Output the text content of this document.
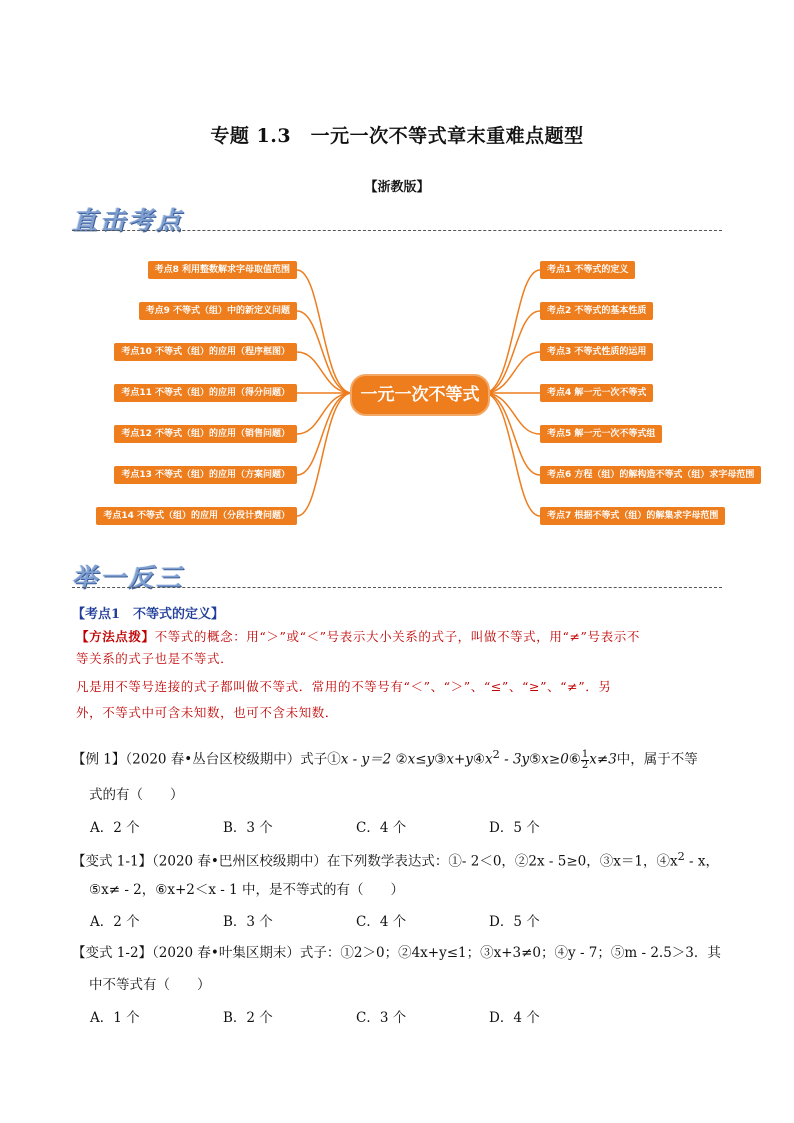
专题 1.3　一元一次不等式章末重难点题型
【浙教版】
直击考点
一元一次不等式
考点8 利用整数解求字母取值范围
考点9 不等式（组）中的新定义问题
考点10 不等式（组）的应用（程序框图）
考点11 不等式（组）的应用（得分问题）
考点12 不等式（组）的应用（销售问题）
考点13 不等式（组）的应用（方案问题）
考点14 不等式（组）的应用（分段计费问题）
考点1 不等式的定义
考点2 不等式的基本性质
考点3 不等式性质的运用
考点4 解一元一次不等式
考点5 解一元一次不等式组
考点6 方程（组）的解构造不等式（组）求字母范围
考点7 根据不等式（组）的解集求字母范围
举一反三
【考点1　不等式的定义】
【方法点拨】不等式的概念：用“＞”或“＜”号表示大小关系的式子，叫做不等式，用“≠”号表示不
等关系的式子也是不等式．
凡是用不等号连接的式子都叫做不等式．常用的不等号有“＜”、“＞”、“≤”、“≥”、“≠”．另
外，不等式中可含未知数，也可不含未知数．
【例 1】（2020 春•丛台区校级期中）式子①x - y＝2 $②x\le y③x+y④x^2$ - 3y⑤x≥0⑥ $\frac{1}{2} x\ne 3$中，属于不等
式的有（　　）
A．2 个	B．3 个	C．4 个	D．5 个
【变式 1-1】（2020 春•巴州区校级期中）在下列数学表达式：①- 2＜0，②2x - 5≥0，③x＝1，$④x^2$ - x，
⑤x≠ - 2，⑥x+2＜x - 1 中，是不等式的有（　　）
A．2 个	B．3 个	C．4 个	D．5 个
【变式 1-2】（2020 春•叶集区期末）式子：①2＞0；②4x+y≤1；③x+3≠0；④y - 7；⑤m - 2.5＞3．其
中不等式有（　　）
A．1 个	B．2 个	C．3 个	D．4 个
